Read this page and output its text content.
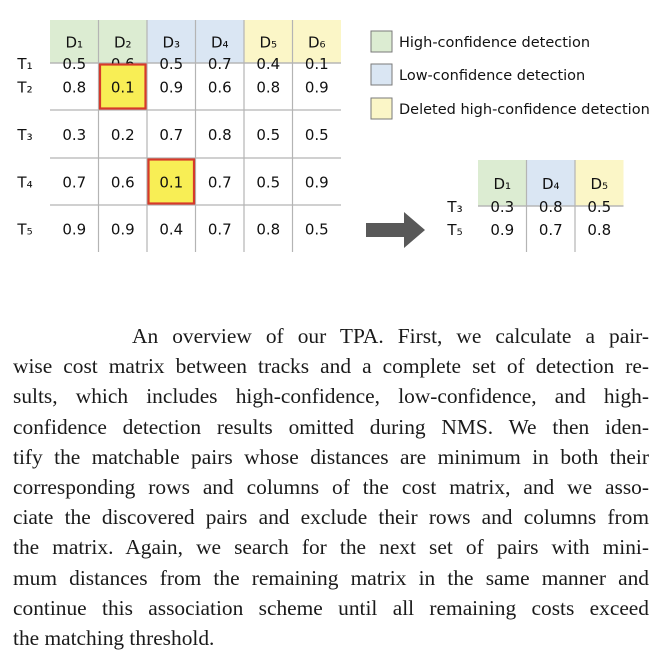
D₁ D₂ D₃ D₄ D₅ D₆
T₁ 0.5	0.5 0.7 0.4 0.1
T₂ 0.8 0.1 0.9 0.6 0.8 0.9
T₃ 0.3 0.2 0.7 0.8 0.5 0.5
T₄ 0.7 0.6 0.1 0.7 0.5 0.9
T₅ 0.9 0.9 0.4 0.7 0.8 0.5
D₁ D₄ D₅
T₃ 0.3 0.8 0.5
T₅ 0.9 0.7 0.8
High-confidence detection
Low-confidence detection
Deleted high-confidence detection
An overview of our TPA. First, we calculate a pair-
wise cost matrix between tracks and a complete set of detection re-
sults, which includes high-confidence, low-confidence, and high-
confidence detection results omitted during NMS. We then iden-
tify the matchable pairs whose distances are minimum in both their
corresponding rows and columns of the cost matrix, and we asso-
ciate the discovered pairs and exclude their rows and columns from
the matrix. Again, we search for the next set of pairs with mini-
mum distances from the remaining matrix in the same manner and
continue this association scheme until all remaining costs exceed
the matching threshold.
